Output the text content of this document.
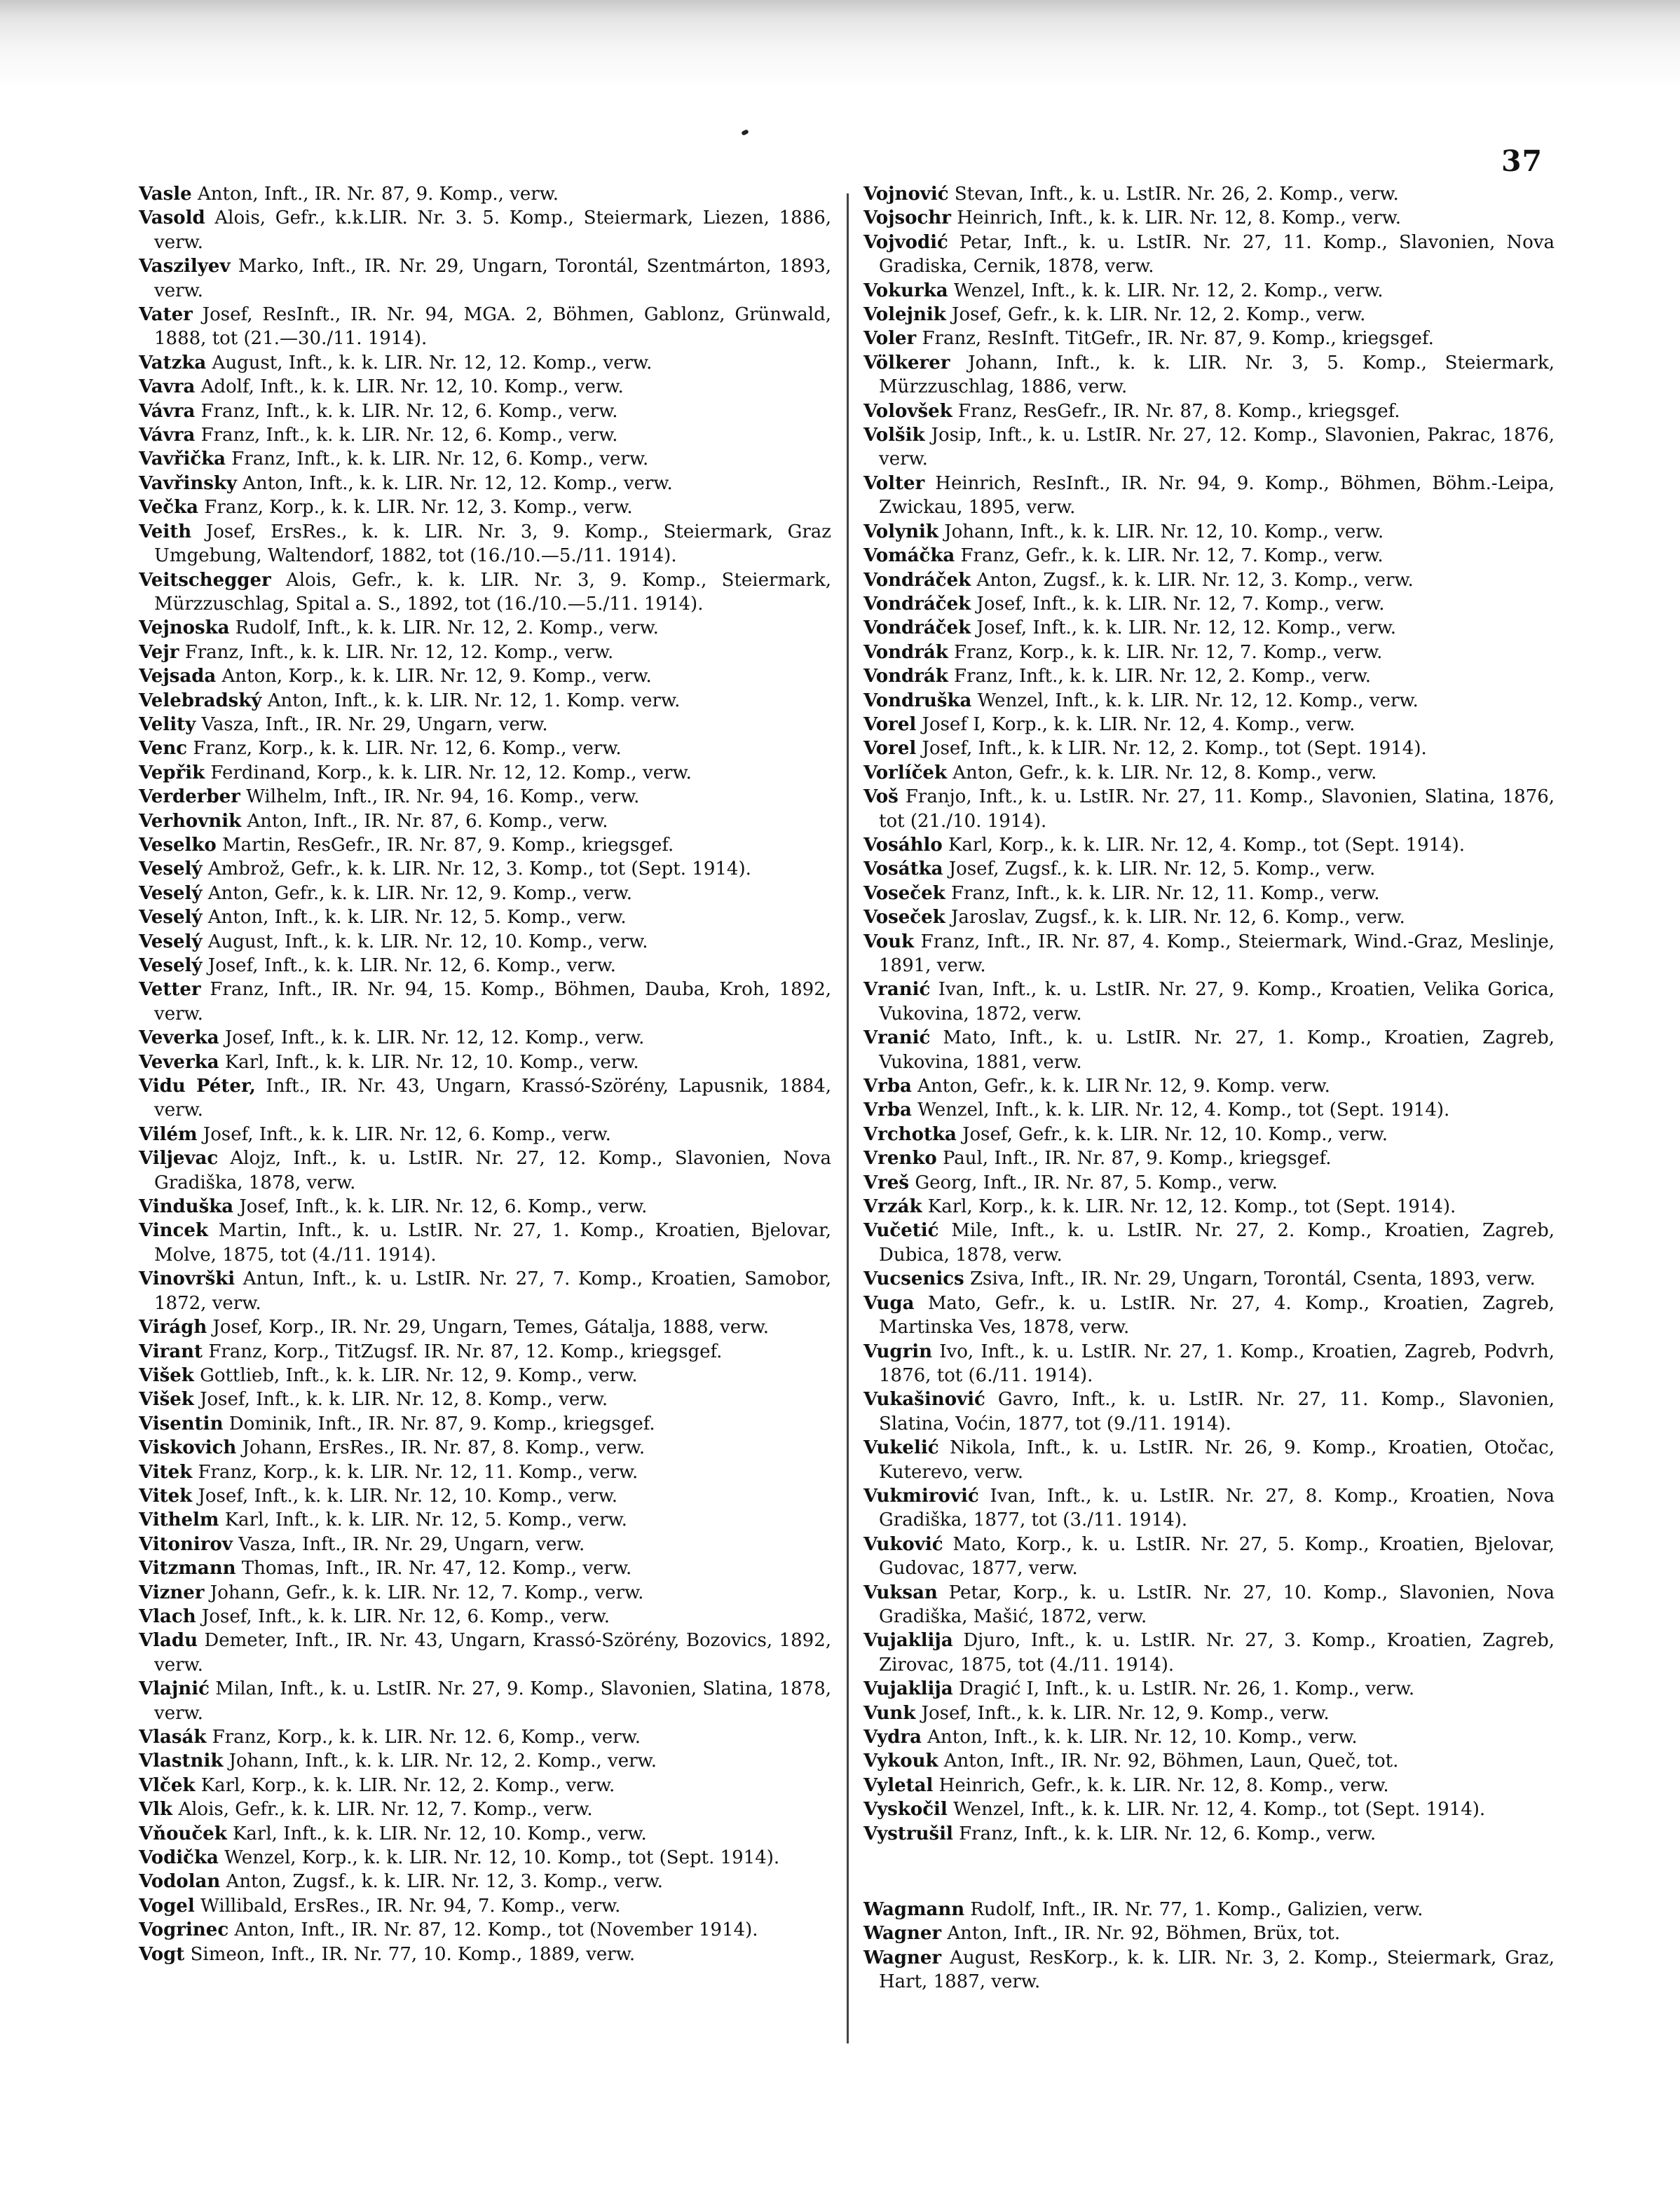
37
Vasle Anton, Inft., IR. Nr. 87, 9. Komp., verw.
Vasold Alois, Gefr., k.k.LIR. Nr. 3. 5. Komp., Steiermark, Liezen, 1886, verw.
Vaszilyev Marko, Inft., IR. Nr. 29, Ungarn, Torontál, Szentmárton, 1893, verw.
Vater Josef, ResInft., IR. Nr. 94, MGA. 2, Böhmen, Gablonz, Grünwald, 1888, tot (21.—30./11. 1914).
Vatzka August, Inft., k. k. LIR. Nr. 12, 12. Komp., verw.
Vavra Adolf, Inft., k. k. LIR. Nr. 12, 10. Komp., verw.
Vávra Franz, Inft., k. k. LIR. Nr. 12, 6. Komp., verw.
Vávra Franz, Inft., k. k. LIR. Nr. 12, 6. Komp., verw.
Vavřička Franz, Inft., k. k. LIR. Nr. 12, 6. Komp., verw.
Vavřinsky Anton, Inft., k. k. LIR. Nr. 12, 12. Komp., verw.
Večka Franz, Korp., k. k. LIR. Nr. 12, 3. Komp., verw.
Veith Josef, ErsRes., k. k. LIR. Nr. 3, 9. Komp., Steiermark, Graz Umgebung, Waltendorf, 1882, tot (16./10.—5./11. 1914).
Veitschegger Alois, Gefr., k. k. LIR. Nr. 3, 9. Komp., Steiermark, Mürzzuschlag, Spital a. S., 1892, tot (16./10.—5./11. 1914).
Vejnoska Rudolf, Inft., k. k. LIR. Nr. 12, 2. Komp., verw.
Vejr Franz, Inft., k. k. LIR. Nr. 12, 12. Komp., verw.
Vejsada Anton, Korp., k. k. LIR. Nr. 12, 9. Komp., verw.
Velebradský Anton, Inft., k. k. LIR. Nr. 12, 1. Komp. verw.
Velity Vasza, Inft., IR. Nr. 29, Ungarn, verw.
Venc Franz, Korp., k. k. LIR. Nr. 12, 6. Komp., verw.
Vepřik Ferdinand, Korp., k. k. LIR. Nr. 12, 12. Komp., verw.
Verderber Wilhelm, Inft., IR. Nr. 94, 16. Komp., verw.
Verhovnik Anton, Inft., IR. Nr. 87, 6. Komp., verw.
Veselko Martin, ResGefr., IR. Nr. 87, 9. Komp., kriegsgef.
Veselý Ambrož, Gefr., k. k. LIR. Nr. 12, 3. Komp., tot (Sept. 1914).
Veselý Anton, Gefr., k. k. LIR. Nr. 12, 9. Komp., verw.
Veselý Anton, Inft., k. k. LIR. Nr. 12, 5. Komp., verw.
Veselý August, Inft., k. k. LIR. Nr. 12, 10. Komp., verw.
Veselý Josef, Inft., k. k. LIR. Nr. 12, 6. Komp., verw.
Vetter Franz, Inft., IR. Nr. 94, 15. Komp., Böhmen, Dauba, Kroh, 1892, verw.
Veverka Josef, Inft., k. k. LIR. Nr. 12, 12. Komp., verw.
Veverka Karl, Inft., k. k. LIR. Nr. 12, 10. Komp., verw.
Vidu Péter, Inft., IR. Nr. 43, Ungarn, Krassó-Szörény, Lapusnik, 1884, verw.
Vilém Josef, Inft., k. k. LIR. Nr. 12, 6. Komp., verw.
Viljevac Alojz, Inft., k. u. LstIR. Nr. 27, 12. Komp., Slavonien, Nova Gradiška, 1878, verw.
Vinduška Josef, Inft., k. k. LIR. Nr. 12, 6. Komp., verw.
Vincek Martin, Inft., k. u. LstIR. Nr. 27, 1. Komp., Kroatien, Bjelovar, Molve, 1875, tot (4./11. 1914).
Vinovrški Antun, Inft., k. u. LstIR. Nr. 27, 7. Komp., Kroatien, Samobor, 1872, verw.
Virágh Josef, Korp., IR. Nr. 29, Ungarn, Temes, Gátalja, 1888, verw.
Virant Franz, Korp., TitZugsf. IR. Nr. 87, 12. Komp., kriegsgef.
Višek Gottlieb, Inft., k. k. LIR. Nr. 12, 9. Komp., verw.
Višek Josef, Inft., k. k. LIR. Nr. 12, 8. Komp., verw.
Visentin Dominik, Inft., IR. Nr. 87, 9. Komp., kriegsgef.
Viskovich Johann, ErsRes., IR. Nr. 87, 8. Komp., verw.
Vitek Franz, Korp., k. k. LIR. Nr. 12, 11. Komp., verw.
Vitek Josef, Inft., k. k. LIR. Nr. 12, 10. Komp., verw.
Vithelm Karl, Inft., k. k. LIR. Nr. 12, 5. Komp., verw.
Vitonirov Vasza, Inft., IR. Nr. 29, Ungarn, verw.
Vitzmann Thomas, Inft., IR. Nr. 47, 12. Komp., verw.
Vizner Johann, Gefr., k. k. LIR. Nr. 12, 7. Komp., verw.
Vlach Josef, Inft., k. k. LIR. Nr. 12, 6. Komp., verw.
Vladu Demeter, Inft., IR. Nr. 43, Ungarn, Krassó-Szörény, Bozovics, 1892, verw.
Vlajnić Milan, Inft., k. u. LstIR. Nr. 27, 9. Komp., Slavonien, Slatina, 1878, verw.
Vlasák Franz, Korp., k. k. LIR. Nr. 12. 6, Komp., verw.
Vlastnik Johann, Inft., k. k. LIR. Nr. 12, 2. Komp., verw.
Vlček Karl, Korp., k. k. LIR. Nr. 12, 2. Komp., verw.
Vlk Alois, Gefr., k. k. LIR. Nr. 12, 7. Komp., verw.
Vňouček Karl, Inft., k. k. LIR. Nr. 12, 10. Komp., verw.
Vodička Wenzel, Korp., k. k. LIR. Nr. 12, 10. Komp., tot (Sept. 1914).
Vodolan Anton, Zugsf., k. k. LIR. Nr. 12, 3. Komp., verw.
Vogel Willibald, ErsRes., IR. Nr. 94, 7. Komp., verw.
Vogrinec Anton, Inft., IR. Nr. 87, 12. Komp., tot (November 1914).
Vogt Simeon, Inft., IR. Nr. 77, 10. Komp., 1889, verw.
Vojnović Stevan, Inft., k. u. LstIR. Nr. 26, 2. Komp., verw.
Vojsochr Heinrich, Inft., k. k. LIR. Nr. 12, 8. Komp., verw.
Vojvodić Petar, Inft., k. u. LstIR. Nr. 27, 11. Komp., Slavonien, Nova Gradiska, Cernik, 1878, verw.
Vokurka Wenzel, Inft., k. k. LIR. Nr. 12, 2. Komp., verw.
Volejnik Josef, Gefr., k. k. LIR. Nr. 12, 2. Komp., verw.
Voler Franz, ResInft. TitGefr., IR. Nr. 87, 9. Komp., kriegsgef.
Völkerer Johann, Inft., k. k. LIR. Nr. 3, 5. Komp., Steiermark, Mürzzuschlag, 1886, verw.
Volovšek Franz, ResGefr., IR. Nr. 87, 8. Komp., kriegsgef.
Volšik Josip, Inft., k. u. LstIR. Nr. 27, 12. Komp., Slavonien, Pakrac, 1876, verw.
Volter Heinrich, ResInft., IR. Nr. 94, 9. Komp., Böhmen, Böhm.-Leipa, Zwickau, 1895, verw.
Volynik Johann, Inft., k. k. LIR. Nr. 12, 10. Komp., verw.
Vomáčka Franz, Gefr., k. k. LIR. Nr. 12, 7. Komp., verw.
Vondráček Anton, Zugsf., k. k. LIR. Nr. 12, 3. Komp., verw.
Vondráček Josef, Inft., k. k. LIR. Nr. 12, 7. Komp., verw.
Vondráček Josef, Inft., k. k. LIR. Nr. 12, 12. Komp., verw.
Vondrák Franz, Korp., k. k. LIR. Nr. 12, 7. Komp., verw.
Vondrák Franz, Inft., k. k. LIR. Nr. 12, 2. Komp., verw.
Vondruška Wenzel, Inft., k. k. LIR. Nr. 12, 12. Komp., verw.
Vorel Josef I, Korp., k. k. LIR. Nr. 12, 4. Komp., verw.
Vorel Josef, Inft., k. k LIR. Nr. 12, 2. Komp., tot (Sept. 1914).
Vorlíček Anton, Gefr., k. k. LIR. Nr. 12, 8. Komp., verw.
Voš Franjo, Inft., k. u. LstIR. Nr. 27, 11. Komp., Slavonien, Slatina, 1876, tot (21./10. 1914).
Vosáhlo Karl, Korp., k. k. LIR. Nr. 12, 4. Komp., tot (Sept. 1914).
Vosátka Josef, Zugsf., k. k. LIR. Nr. 12, 5. Komp., verw.
Voseček Franz, Inft., k. k. LIR. Nr. 12, 11. Komp., verw.
Voseček Jaroslav, Zugsf., k. k. LIR. Nr. 12, 6. Komp., verw.
Vouk Franz, Inft., IR. Nr. 87, 4. Komp., Steiermark, Wind.-Graz, Meslinje, 1891, verw.
Vranić Ivan, Inft., k. u. LstIR. Nr. 27, 9. Komp., Kroatien, Velika Gorica, Vukovina, 1872, verw.
Vranić Mato, Inft., k. u. LstIR. Nr. 27, 1. Komp., Kroatien, Zagreb, Vukovina, 1881, verw.
Vrba Anton, Gefr., k. k. LIR Nr. 12, 9. Komp. verw.
Vrba Wenzel, Inft., k. k. LIR. Nr. 12, 4. Komp., tot (Sept. 1914).
Vrchotka Josef, Gefr., k. k. LIR. Nr. 12, 10. Komp., verw.
Vrenko Paul, Inft., IR. Nr. 87, 9. Komp., kriegsgef.
Vreš Georg, Inft., IR. Nr. 87, 5. Komp., verw.
Vrzák Karl, Korp., k. k. LIR. Nr. 12, 12. Komp., tot (Sept. 1914).
Vučetić Mile, Inft., k. u. LstIR. Nr. 27, 2. Komp., Kroatien, Zagreb, Dubica, 1878, verw.
Vucsenics Zsiva, Inft., IR. Nr. 29, Ungarn, Torontál, Csenta, 1893, verw.
Vuga Mato, Gefr., k. u. LstIR. Nr. 27, 4. Komp., Kroatien, Zagreb, Martinska Ves, 1878, verw.
Vugrin Ivo, Inft., k. u. LstIR. Nr. 27, 1. Komp., Kroatien, Zagreb, Podvrh, 1876, tot (6./11. 1914).
Vukašinović Gavro, Inft., k. u. LstIR. Nr. 27, 11. Komp., Slavonien, Slatina, Voćin, 1877, tot (9./11. 1914).
Vukelić Nikola, Inft., k. u. LstIR. Nr. 26, 9. Komp., Kroatien, Otočac, Kuterevo, verw.
Vukmirović Ivan, Inft., k. u. LstIR. Nr. 27, 8. Komp., Kroatien, Nova Gradiška, 1877, tot (3./11. 1914).
Vuković Mato, Korp., k. u. LstIR. Nr. 27, 5. Komp., Kroatien, Bjelovar, Gudovac, 1877, verw.
Vuksan Petar, Korp., k. u. LstIR. Nr. 27, 10. Komp., Slavonien, Nova Gradiška, Mašić, 1872, verw.
Vujaklija Djuro, Inft., k. u. LstIR. Nr. 27, 3. Komp., Kroatien, Zagreb, Zirovac, 1875, tot (4./11. 1914).
Vujaklija Dragić I, Inft., k. u. LstIR. Nr. 26, 1. Komp., verw.
Vunk Josef, Inft., k. k. LIR. Nr. 12, 9. Komp., verw.
Vydra Anton, Inft., k. k. LIR. Nr. 12, 10. Komp., verw.
Vykouk Anton, Inft., IR. Nr. 92, Böhmen, Laun, Queč, tot.
Vyletal Heinrich, Gefr., k. k. LIR. Nr. 12, 8. Komp., verw.
Vyskočil Wenzel, Inft., k. k. LIR. Nr. 12, 4. Komp., tot (Sept. 1914).
Vystrušil Franz, Inft., k. k. LIR. Nr. 12, 6. Komp., verw.
Wagmann Rudolf, Inft., IR. Nr. 77, 1. Komp., Galizien, verw.
Wagner Anton, Inft., IR. Nr. 92, Böhmen, Brüx, tot.
Wagner August, ResKorp., k. k. LIR. Nr. 3, 2. Komp., Steiermark, Graz, Hart, 1887, verw.
